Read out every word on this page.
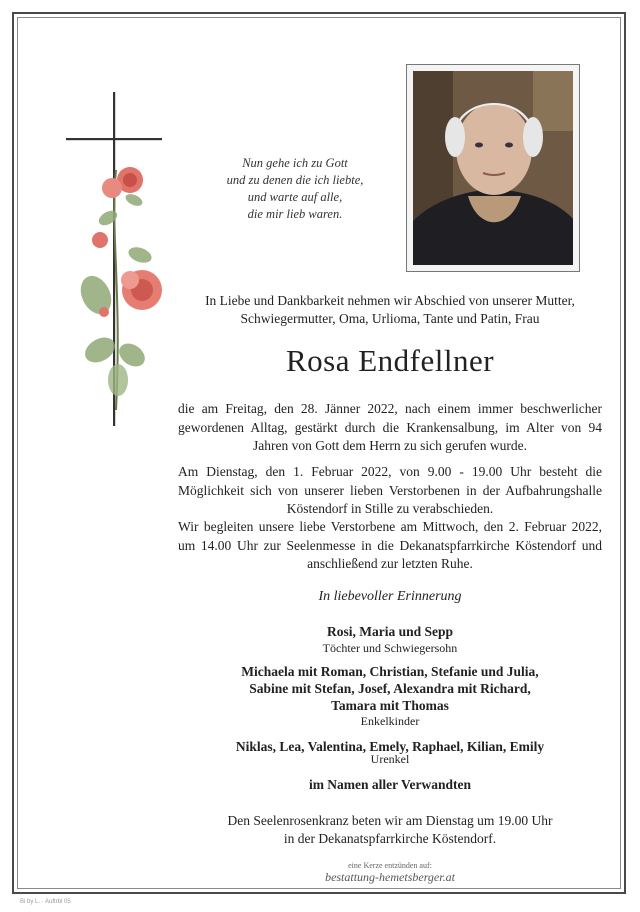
Nun gehe ich zu Gott
und zu denen die ich liebte,
und warte auf alle,
die mir lieb waren.
In Liebe und Dankbarkeit nehmen wir Abschied von unserer Mutter,
Schwiegermutter, Oma, Urlioma, Tante und Patin, Frau
Rosa Endfellner
die am Freitag, den 28. Jänner 2022, nach einem immer beschwerlicher gewordenen Alltag, gestärkt durch die Krankensalbung, im Alter von 94 Jahren von Gott dem Herrn zu sich gerufen wurde.
Am Dienstag, den 1. Februar 2022, von 9.00 - 19.00 Uhr besteht die Möglichkeit sich von unserer lieben Verstorbenen in der Aufbahrungshalle Köstendorf in Stille zu verabschieden.
Wir begleiten unsere liebe Verstorbene am Mittwoch, den 2. Februar 2022, um 14.00 Uhr zur Seelenmesse in die Dekanatspfarrkirche Köstendorf und anschließend zur letzten Ruhe.
In liebevoller Erinnerung
Rosi, Maria und Sepp
Töchter und Schwiegersohn
Michaela mit Roman, Christian, Stefanie und Julia,
Sabine mit Stefan, Josef, Alexandra mit Richard,
Tamara mit Thomas
Enkelkinder
Niklas, Lea, Valentina, Emely, Raphael, Kilian, Emily
Urenkel
im Namen aller Verwandten
Den Seelenrosenkranz beten wir am Dienstag um 19.00 Uhr
in der Dekanatspfarrkirche Köstendorf.
eine Kerze entzünden auf:
bestattung-hemetsberger.at
Bi by L. · Auftrbl 05
